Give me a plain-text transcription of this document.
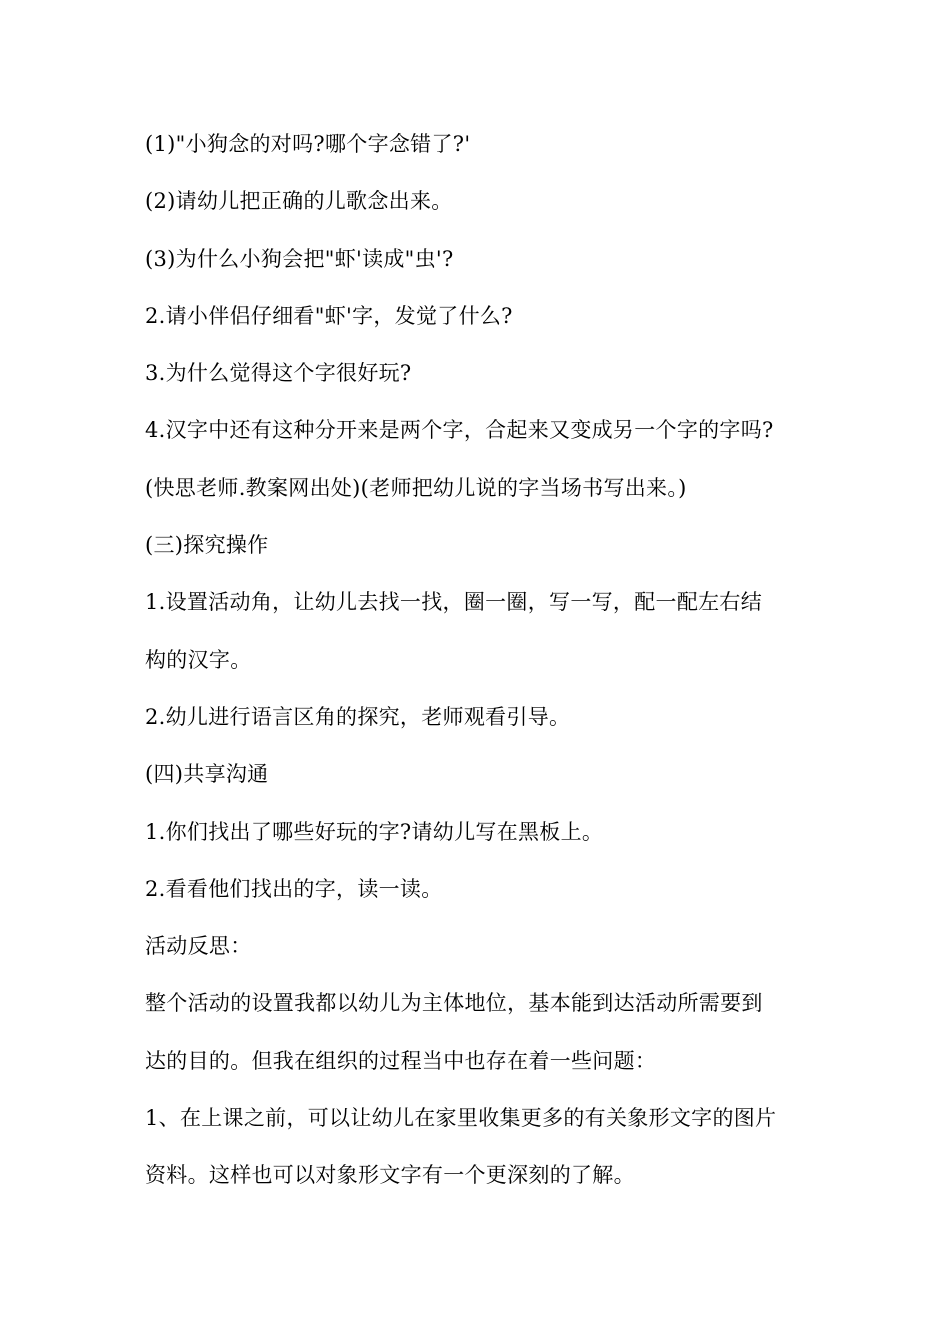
(1)"小狗念的对吗?哪个字念错了?'
(2)请幼儿把正确的儿歌念出来。
(3)为什么小狗会把"虾'读成"虫'?
2.请小伴侣仔细看"虾'字，发觉了什么?
3.为什么觉得这个字很好玩?
4.汉字中还有这种分开来是两个字，合起来又变成另一个字的字吗?
(快思老师.教案网出处)(老师把幼儿说的字当场书写出来。)
(三)探究操作
1.设置活动角，让幼儿去找一找，圈一圈，写一写，配一配左右结
构的汉字。
2.幼儿进行语言区角的探究，老师观看引导。
(四)共享沟通
1.你们找出了哪些好玩的字?请幼儿写在黑板上。
2.看看他们找出的字，读一读。
活动反思：
整个活动的设置我都以幼儿为主体地位，基本能到达活动所需要到
达的目的。但我在组织的过程当中也存在着一些问题：
1、在上课之前，可以让幼儿在家里收集更多的有关象形文字的图片
资料。这样也可以对象形文字有一个更深刻的了解。
